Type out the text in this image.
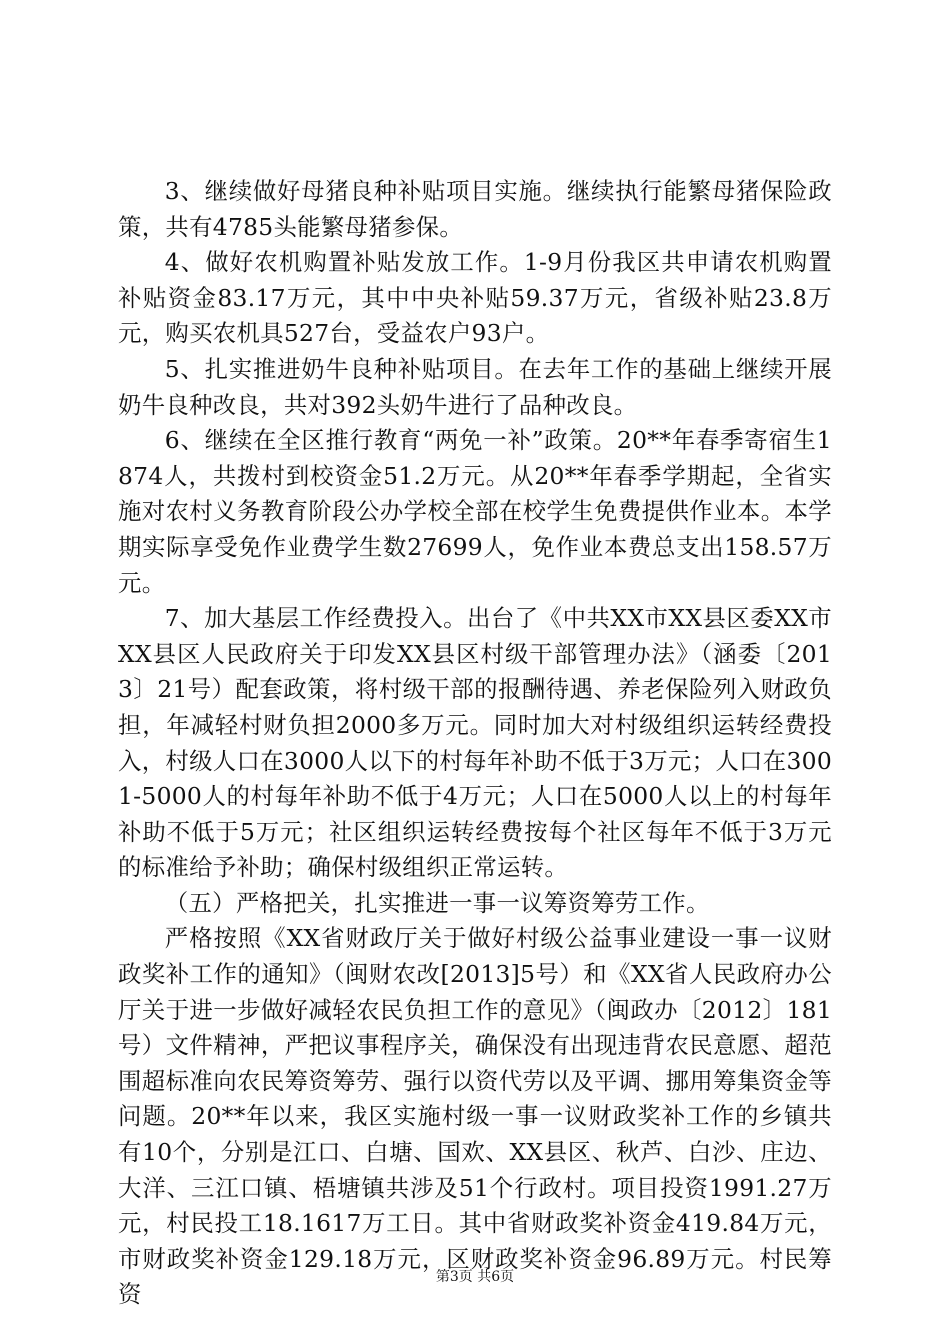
3、继续做好母猪良种补贴项目实施。继续执行能繁母猪保险政策，共有4785头能繁母猪参保。

4、做好农机购置补贴发放工作。1-9月份我区共申请农机购置补贴资金83.17万元，其中中央补贴59.37万元，省级补贴23.8万元，购买农机具527台，受益农户93户。

5、扎实推进奶牛良种补贴项目。在去年工作的基础上继续开展奶牛良种改良，共对392头奶牛进行了品种改良。

6、继续在全区推行教育“两免一补”政策。20**年春季寄宿生1874人，共拨村到校资金51.2万元。从20**年春季学期起，全省实施对农村义务教育阶段公办学校全部在校学生免费提供作业本。本学期实际享受免作业费学生数27699人，免作业本费总支出158.57万元。

7、加大基层工作经费投入。出台了《中共XX市XX县区委XX市XX县区人民政府关于印发XX县区村级干部管理办法》（涵委〔2013〕21号）配套政策，将村级干部的报酬待遇、养老保险列入财政负担，年减轻村财负担2000多万元。同时加大对村级组织运转经费投入，村级人口在3000人以下的村每年补助不低于3万元；人口在3001-5000人的村每年补助不低于4万元；人口在5000人以上的村每年补助不低于5万元；社区组织运转经费按每个社区每年不低于3万元的标准给予补助；确保村级组织正常运转。

（五）严格把关，扎实推进一事一议筹资筹劳工作。

严格按照《XX省财政厅关于做好村级公益事业建设一事一议财政奖补工作的通知》（闽财农改[2013]5号）和《XX省人民政府办公厅关于进一步做好减轻农民负担工作的意见》（闽政办〔2012〕181号）文件精神，严把议事程序关，确保没有出现违背农民意愿、超范围超标准向农民筹资筹劳、强行以资代劳以及平调、挪用筹集资金等问题。20**年以来，我区实施村级一事一议财政奖补工作的乡镇共有10个，分别是江口、白塘、国欢、XX县区、秋芦、白沙、庄边、大洋、三江口镇、梧塘镇共涉及51个行政村。项目投资1991.27万元，村民投工18.1617万工日。其中省财政奖补资金419.84万元，市财政奖补资金129.18万元，区财政奖补资金96.89万元。村民筹资

第3页 共6页
